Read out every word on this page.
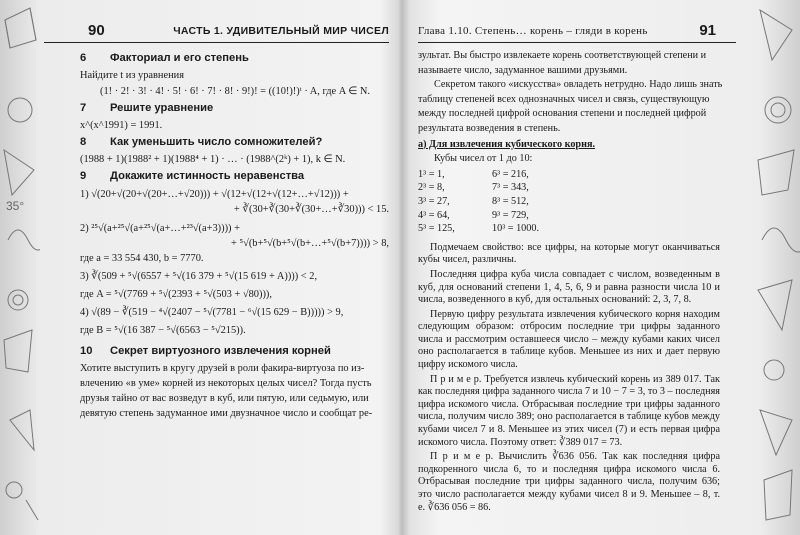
35°
90	ЧАСТЬ 1. УДИВИТЕЛЬНЫЙ МИР ЧИСЕЛ
6 Факториал и его степень
Найдите t из уравнения
(1! · 2! · 3! · 4! · 5! · 6! · 7! · 8! · 9!)! = ((10!)!)ᵗ · A, где A ∈ N.
7 Решите уравнение
x^(x^1991) = 1991.
8 Как уменьшить число сомножителей?
(1988 + 1)(1988² + 1)(1988⁴ + 1) · … · (1988^(2ᵏ) + 1), k ∈ N.
9 Докажите истинность неравенства
1) √(20+√(20+√(20+…+√20))) + √(12+√(12+√(12+…+√12))) +
+ ∛(30+∛(30+∛(30+…+∛30))) < 15.
2) ²⁵√(a+²⁵√(a+²⁵√(a+…+²³√(a+3)))) +
+ ⁵√(b+⁵√(b+⁵√(b+…+⁵√(b+7)))) > 8,
где a = 33 554 430, b = 7770.
3) ∛(509 + ⁵√(6557 + ⁵√(16 379 + ⁵√(15 619 + A)))) < 2,
где A = ⁵√(7769 + ⁵√(2393 + ⁵√(503 + √80))),
4) √(89 − ∛(519 − ⁴√(2407 − ⁵√(7781 − ⁶√(15 629 − B))))) > 9,
где B = ⁵√(16 387 − ⁵√(6563 − ⁵√215)).
10 Секрет виртуозного извлечения корней
Хотите выступить в кругу друзей в роли факира-виртуоза по из-
влечению «в уме» корней из некоторых целых чисел? Тогда пусть
друзья тайно от вас возведут в куб, или пятую, или седьмую, или
девятую степень задуманное ими двузначное число и сообщат ре-
Глава 1.10. Степень… корень – гляди в корень	91
зультат. Вы быстро извлекаете корень соответствующей степени и
называете число, задуманное вашими друзьями.
Секретом такого «искусства» овладеть нетрудно. Надо лишь знать
таблицу степеней всех однозначных чисел и связь, существующую
между последней цифрой основания степени и последней цифрой
результата возведения в степень.
а) Для извлечения кубического корня.
Кубы чисел от 1 до 10:
1³ = 1,	6³ = 216,
2³ = 8,	7³ = 343,
3³ = 27,	8³ = 512,
4³ = 64,	9³ = 729,
5³ = 125,	10³ = 1000.

Подмечаем свойство: все цифры, на которые могут оканчиваться кубы чисел, различны.

Последняя цифра куба числа совпадает с числом, возведенным в куб, для оснований степени 1, 4, 5, 6, 9 и равна разности числа 10 и числа, возведенного в куб, для остальных оснований: 2, 3, 7, 8.

Первую цифру результата извлечения кубического корня находим следующим образом: отбросим последние три цифры заданного числа и рассмотрим оставшееся число – между кубами каких чисел оно располагается в таблице кубов. Меньшее из них и дает первую цифру искомого числа.

П р и м е р. Требуется извлечь кубический корень из 389 017. Так как последняя цифра заданного числа 7 и 10 − 7 = 3, то 3 – последняя цифра искомого числа. Отбрасывая последние три цифры заданного числа, получим число 389; оно располагается в таблице кубов между кубами чисел 7 и 8. Меньшее из этих чисел (7) и есть первая цифра искомого числа. Поэтому ответ: ∛389 017 = 73.

П р и м е р. Вычислить ∛636 056. Так как последняя цифра подкоренного числа 6, то и последняя цифра искомого числа 6. Отбрасывая последние три цифры заданного числа, получим 636; это число располагается между кубами чисел 8 и 9. Меньшее – 8, т. е. ∛636 056 = 86.
